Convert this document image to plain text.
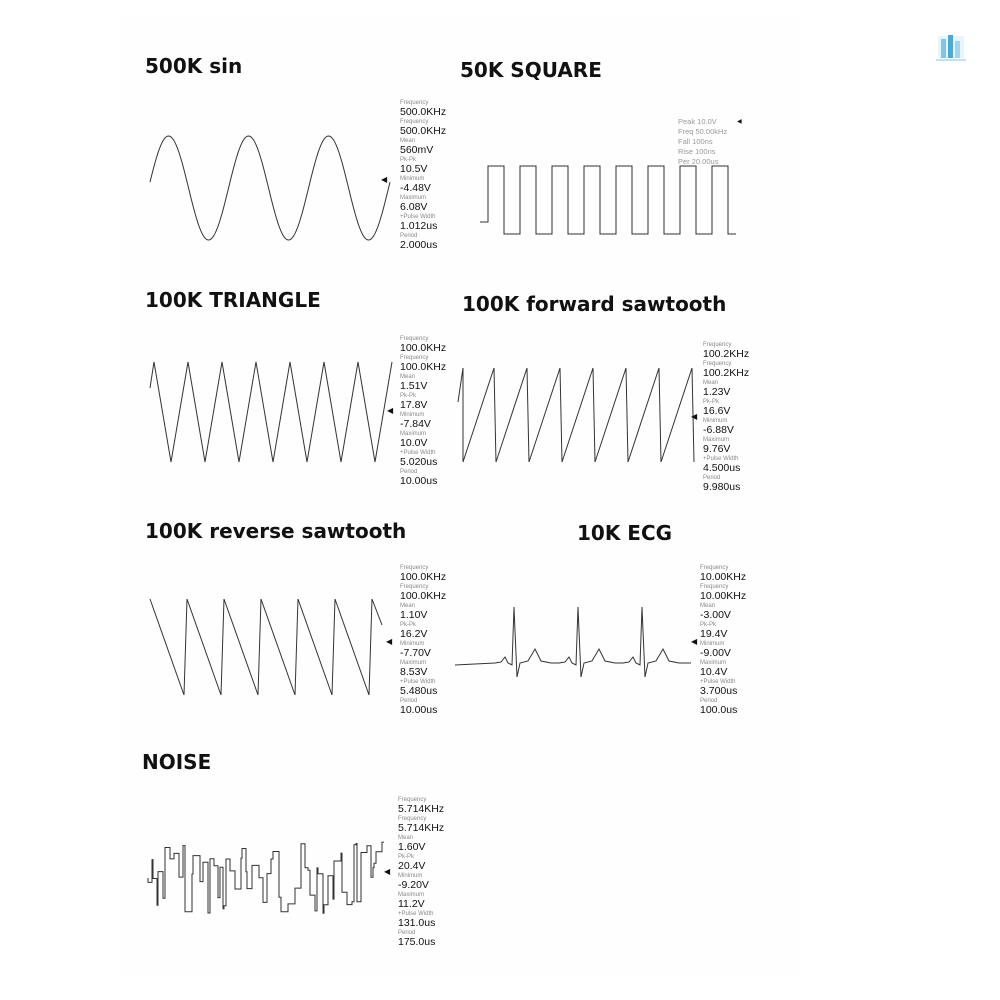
500K sin
◀
Frequency
500.0KHz
Frequency
500.0KHz
Mean
560mV
Pk-Pk
10.5V
Minimum
-4.48V
Maximum
6.08V
+Pulse Width
1.012us
Period
2.000us
50K SQUARE
Peak 10.0V
Freq 50.00kHz
Fall 100ns
Rise 100ns
Per 20.00us
◀
100K TRIANGLE
◀
Frequency
100.0KHz
Frequency
100.0KHz
Mean
1.51V
Pk-Pk
17.8V
Minimum
-7.84V
Maximum
10.0V
+Pulse Width
5.020us
Period
10.00us
100K forward sawtooth
◀
Frequency
100.2KHz
Frequency
100.2KHz
Mean
1.23V
Pk-Pk
16.6V
Minimum
-6.88V
Maximum
9.76V
+Pulse Width
4.500us
Period
9.980us
100K reverse sawtooth
◀
Frequency
100.0KHz
Frequency
100.0KHz
Mean
1.10V
Pk-Pk
16.2V
Minimum
-7.70V
Maximum
8.53V
+Pulse Width
5.480us
Period
10.00us
10K ECG
◀
Frequency
10.00KHz
Frequency
10.00KHz
Mean
-3.00V
Pk-Pk
19.4V
Minimum
-9.00V
Maximum
10.4V
+Pulse Width
3.700us
Period
100.0us
NOISE
◀
Frequency
5.714KHz
Frequency
5.714KHz
Mean
1.60V
Pk-Pk
20.4V
Minimum
-9.20V
Maximum
11.2V
+Pulse Width
131.0us
Period
175.0us
